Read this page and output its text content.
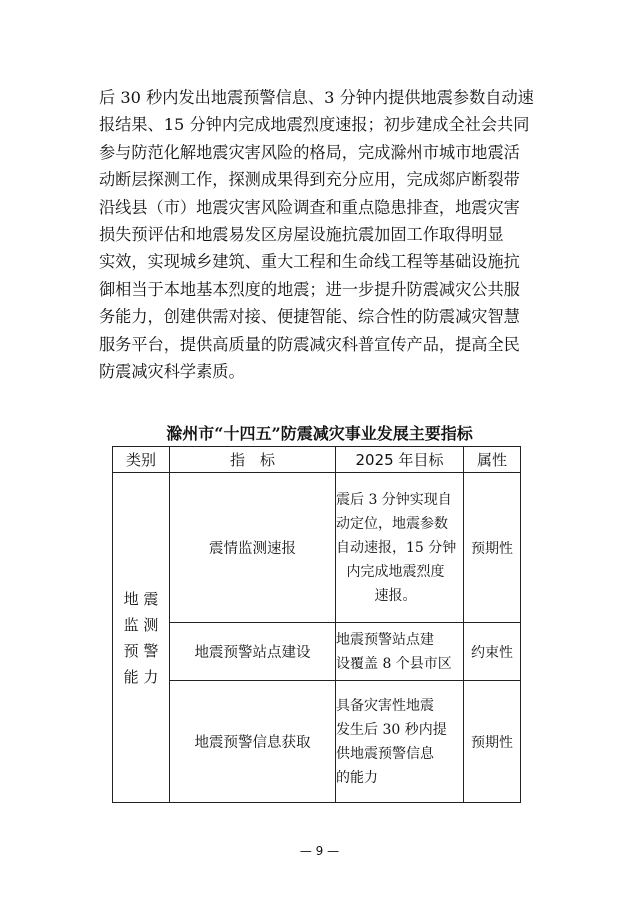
后 30 秒内发出地震预警信息、3 分钟内提供地震参数自动速
报结果、15 分钟内完成地震烈度速报；初步建成全社会共同
参与防范化解地震灾害风险的格局，完成滁州市城市地震活
动断层探测工作，探测成果得到充分应用，完成郯庐断裂带
沿线县（市）地震灾害风险调查和重点隐患排查，地震灾害
损失预评估和地震易发区房屋设施抗震加固工作取得明显
实效，实现城乡建筑、重大工程和生命线工程等基础设施抗
御相当于本地基本烈度的地震；进一步提升防震减灾公共服
务能力，创建供需对接、便捷智能、综合性的防震减灾智慧
服务平台，提供高质量的防震减灾科普宣传产品，提高全民
防震减灾科学素质。
滁州市“十四五”防震减灾事业发展主要指标
类别	指　标	2025 年目标	属性

地 震
监 测
预 警
能 力	震情监测速报	震后 3 分钟实现自
动定位，地震参数
自动速报，15 分钟
内完成地震烈度
速报。	预期性
	地震预警站点建设	地震预警站点建
设覆盖 8 个县市区	约束性
	地震预警信息获取	具备灾害性地震
发生后 30 秒内提
供地震预警信息
的能力	预期性
— 9 —
